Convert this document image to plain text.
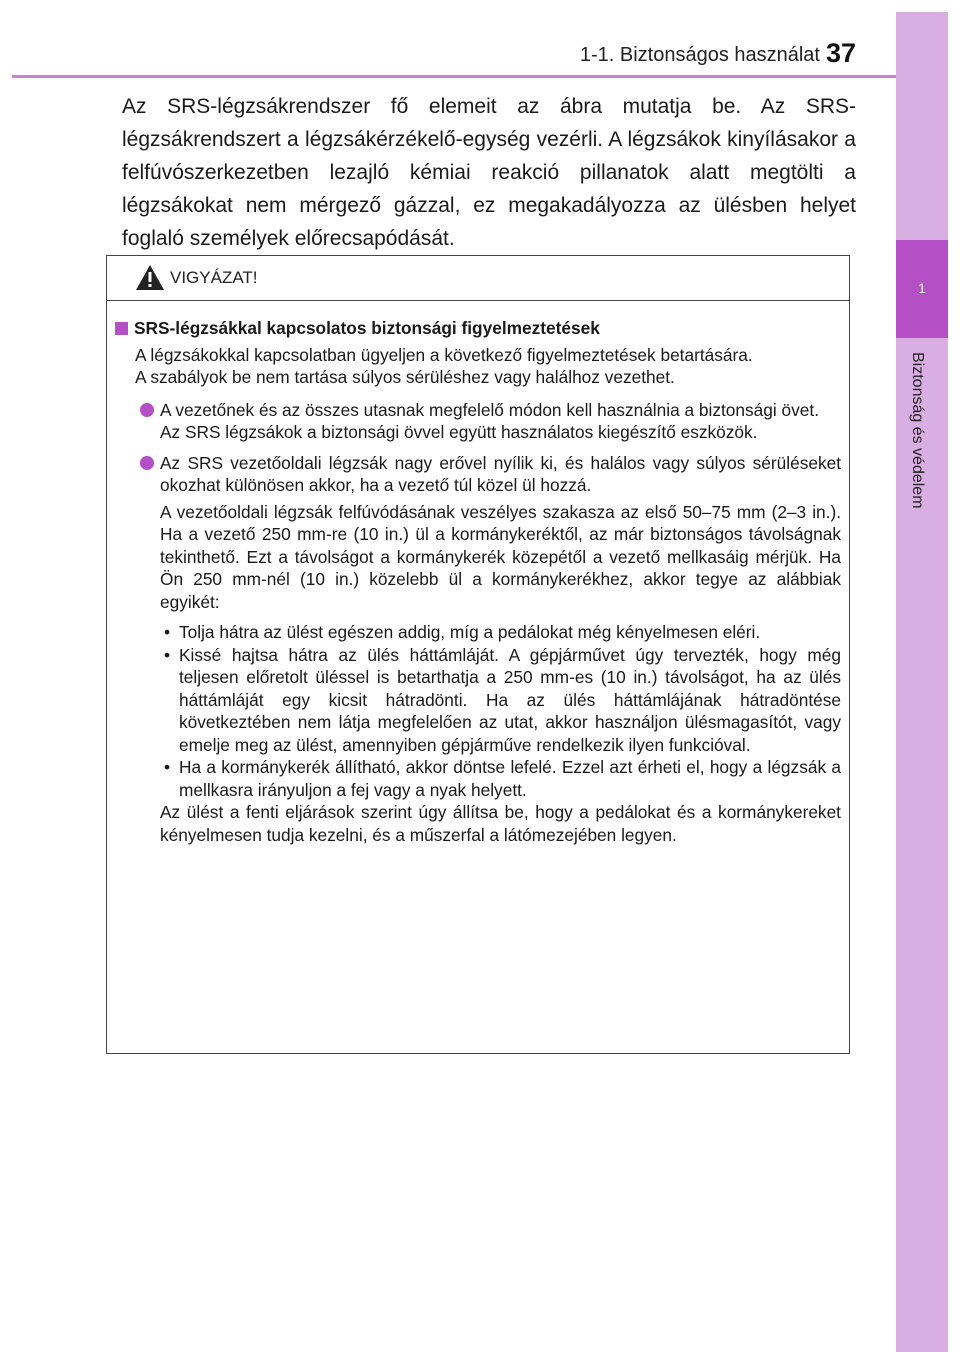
1
Biztonság és védelem
1-1. Biztonságos használat 37

Az SRS-légzsákrendszer fő elemeit az ábra mutatja be. Az SRS-légzsákrendszert a légzsákérzékelő-egység vezérli. A légzsákok kinyílásakor a felfúvószerkezetben lezajló kémiai reakció pillanatok alatt megtölti a légzsákokat nem mérgező gázzal, ez megakadályozza az ülésben helyet foglaló személyek előrecsapódását.

VIGYÁZAT!

SRS-légzsákkal kapcsolatos biztonsági figyelmeztetések

A légzsákokkal kapcsolatban ügyeljen a következő figyelmeztetések betartására.

A szabályok be nem tartása súlyos sérüléshez vagy halálhoz vezethet.

A vezetőnek és az összes utasnak megfelelő módon kell használnia a biztonsági övet.
Az SRS légzsákok a biztonsági övvel együtt használatos kiegészítő eszközök.
Az SRS vezetőoldali légzsák nagy erővel nyílik ki, és halálos vagy súlyos sérüléseket okozhat különösen akkor, ha a vezető túl közel ül hozzá.

A vezetőoldali légzsák felfúvódásának veszélyes szakasza az első 50–75 mm (2–3 in.). Ha a vezető 250 mm-re (10 in.) ül a kormánykeréktől, az már biztonságos távolságnak tekinthető. Ezt a távolságot a kormánykerék közepétől a vezető mellkasáig mérjük. Ha Ön 250 mm-nél (10 in.) közelebb ül a kormánykerékhez, akkor tegye az alábbiak egyikét:

• Tolja hátra az ülést egészen addig, míg a pedálokat még kényelmesen eléri.
• Kissé hajtsa hátra az ülés háttámláját. A gépjárművet úgy tervezték, hogy még teljesen előretolt üléssel is betarthatja a 250 mm-es (10 in.) távolságot, ha az ülés háttámláját egy kicsit hátradönti. Ha az ülés háttámlájának hátradöntése következtében nem látja megfelelően az utat, akkor használjon ülésmagasítót, vagy emelje meg az ülést, amennyiben gépjárműve rendelkezik ilyen funkcióval.
• Ha a kormánykerék állítható, akkor döntse lefelé. Ezzel azt érheti el, hogy a légzsák a mellkasra irányuljon a fej vagy a nyak helyett.

Az ülést a fenti eljárások szerint úgy állítsa be, hogy a pedálokat és a kormánykereket kényelmesen tudja kezelni, és a műszerfal a látómezejében legyen.
